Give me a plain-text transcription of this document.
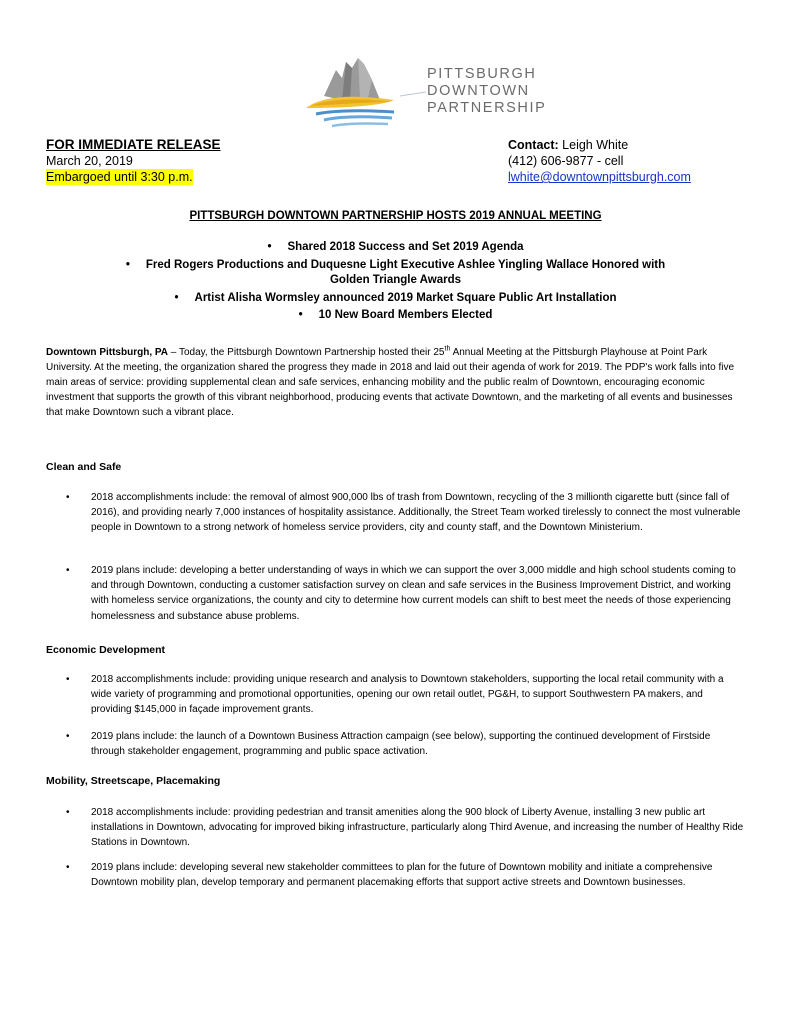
PITTSBURGH
DOWNTOWN
PARTNERSHIP
FOR IMMEDIATE RELEASE
March 20, 2019
Embargoed until 3:30 p.m.
Contact: Leigh White
(412) 606-9877 - cell
lwhite@downtownpittsburgh.com
PITTSBURGH DOWNTOWN PARTNERSHIP HOSTS 2019 ANNUAL MEETING
• Shared 2018 Success and Set 2019 Agenda
• Fred Rogers Productions and Duquesne Light Executive Ashlee Yingling Wallace Honored with
Golden Triangle Awards
• Artist Alisha Wormsley announced 2019 Market Square Public Art Installation
• 10 New Board Members Elected
Downtown Pittsburgh, PA – Today, the Pittsburgh Downtown Partnership hosted their 25th Annual Meeting at the Pittsburgh Playhouse at Point Park University. At the meeting, the organization shared the progress they made in 2018 and laid out their agenda of work for 2019. The PDP's work falls into five main areas of service: providing supplemental clean and safe services, enhancing mobility and the public realm of Downtown, encouraging economic investment that supports the growth of this vibrant neighborhood, producing events that activate Downtown, and the marketing of all events and businesses that make Downtown such a vibrant place.
Clean and Safe
• 2018 accomplishments include: the removal of almost 900,000 lbs of trash from Downtown, recycling of the 3 millionth cigarette butt (since fall of 2016), and providing nearly 7,000 instances of hospitality assistance. Additionally, the Street Team worked tirelessly to connect the most vulnerable people in Downtown to a strong network of homeless service providers, city and county staff, and the Downtown Ministerium.
• 2019 plans include: developing a better understanding of ways in which we can support the over 3,000 middle and high school students coming to and through Downtown, conducting a customer satisfaction survey on clean and safe services in the Business Improvement District, and working with homeless service organizations, the county and city to determine how current models can shift to best meet the needs of those experiencing homelessness and substance abuse problems.
Economic Development
• 2018 accomplishments include: providing unique research and analysis to Downtown stakeholders, supporting the local retail community with a wide variety of programming and promotional opportunities, opening our own retail outlet, PG&H, to support Southwestern PA makers, and providing $145,000 in façade improvement grants.
• 2019 plans include: the launch of a Downtown Business Attraction campaign (see below), supporting the continued development of Firstside through stakeholder engagement, programming and public space activation.
Mobility, Streetscape, Placemaking
• 2018 accomplishments include: providing pedestrian and transit amenities along the 900 block of Liberty Avenue, installing 3 new public art installations in Downtown, advocating for improved biking infrastructure, particularly along Third Avenue, and increasing the number of Healthy Ride Stations in Downtown.
• 2019 plans include: developing several new stakeholder committees to plan for the future of Downtown mobility and initiate a comprehensive Downtown mobility plan, develop temporary and permanent placemaking efforts that support active streets and Downtown businesses.
